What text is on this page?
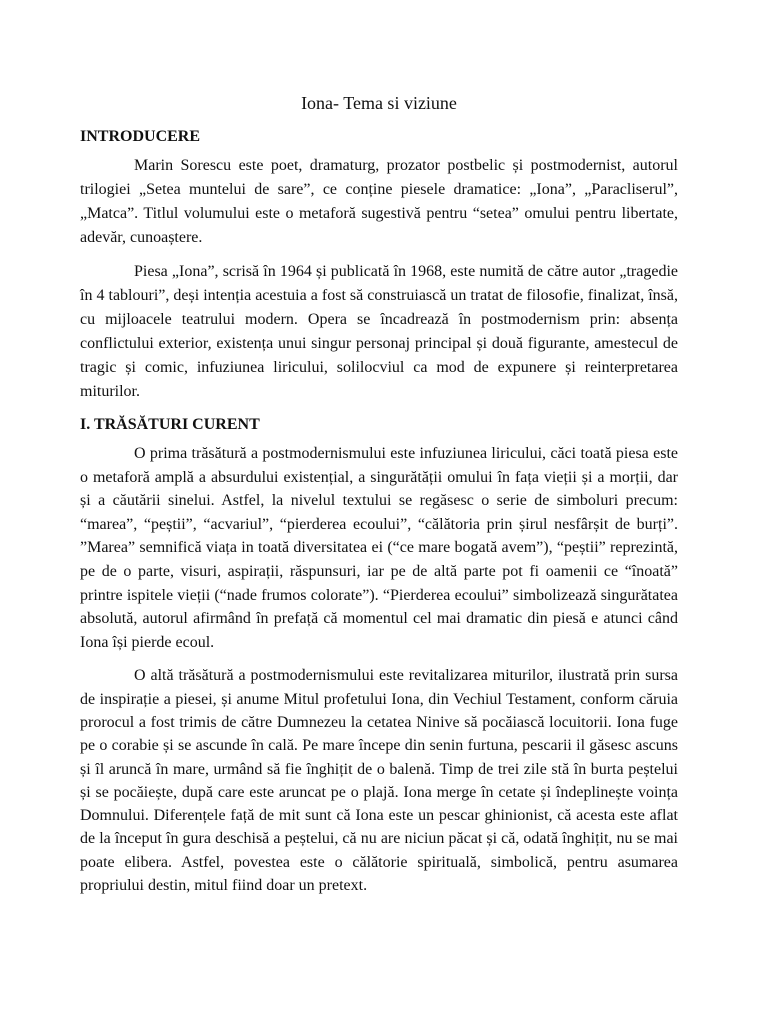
Iona- Tema si viziune
INTRODUCERE

Marin Sorescu este poet, dramaturg, prozator postbelic și postmodernist, autorul trilogiei „Setea muntelui de sare”, ce conține piesele dramatice: „Iona”, „Paracliserul”, „Matca”. Titlul volumului este o metaforă sugestivă pentru “setea” omului pentru libertate, adevăr, cunoaștere.

Piesa „Iona”, scrisă în 1964 și publicată în 1968, este numită de către autor „tragedie în 4 tablouri”, deși intenția acestuia a fost să construiască un tratat de filosofie, finalizat, însă, cu mijloacele teatrului modern. Opera se încadrează în postmodernism prin: absența conflictului exterior, existența unui singur personaj principal și două figurante, amestecul de tragic și comic, infuziunea liricului, solilocviul ca mod de expunere și reinterpretarea miturilor.

I. TRĂSĂTURI CURENT

O prima trăsătură a postmodernismului este infuziunea liricului, căci toată piesa este o metaforă amplă a absurdului existențial, a singurătății omului în fața vieții și a morții, dar și a căutării sinelui. Astfel, la nivelul textului se regăsesc o serie de simboluri precum: “marea”, “peștii”, “acvariul”, “pierderea ecoului”, “călătoria prin șirul nesfârșit de burți”. ”Marea” semnifică viața in toată diversitatea ei (“ce mare bogată avem”), “peștii” reprezintă, pe de o parte, visuri, aspirații, răspunsuri, iar pe de altă parte pot fi oamenii ce “înoată” printre ispitele vieții (“nade frumos colorate”). “Pierderea ecoului” simbolizează singurătatea absolută, autorul afirmând în prefață că momentul cel mai dramatic din piesă e atunci când Iona își pierde ecoul.

O altă trăsătură a postmodernismului este revitalizarea miturilor, ilustrată prin sursa de inspirație a piesei, și anume Mitul profetului Iona, din Vechiul Testament, conform căruia prorocul a fost trimis de către Dumnezeu la cetatea Ninive să pocăiască locuitorii. Iona fuge pe o corabie și se ascunde în cală. Pe mare începe din senin furtuna, pescarii il găsesc ascuns și îl aruncă în mare, urmând să fie înghițit de o balenă. Timp de trei zile stă în burta peștelui și se pocăiește, după care este aruncat pe o plajă. Iona merge în cetate și îndeplinește voința Domnului. Diferențele față de mit sunt că Iona este un pescar ghinionist, că acesta este aflat de la început în gura deschisă a peștelui, că nu are niciun păcat și că, odată înghițit, nu se mai poate elibera. Astfel, povestea este o călătorie spirituală, simbolică, pentru asumarea propriului destin, mitul fiind doar un pretext.
